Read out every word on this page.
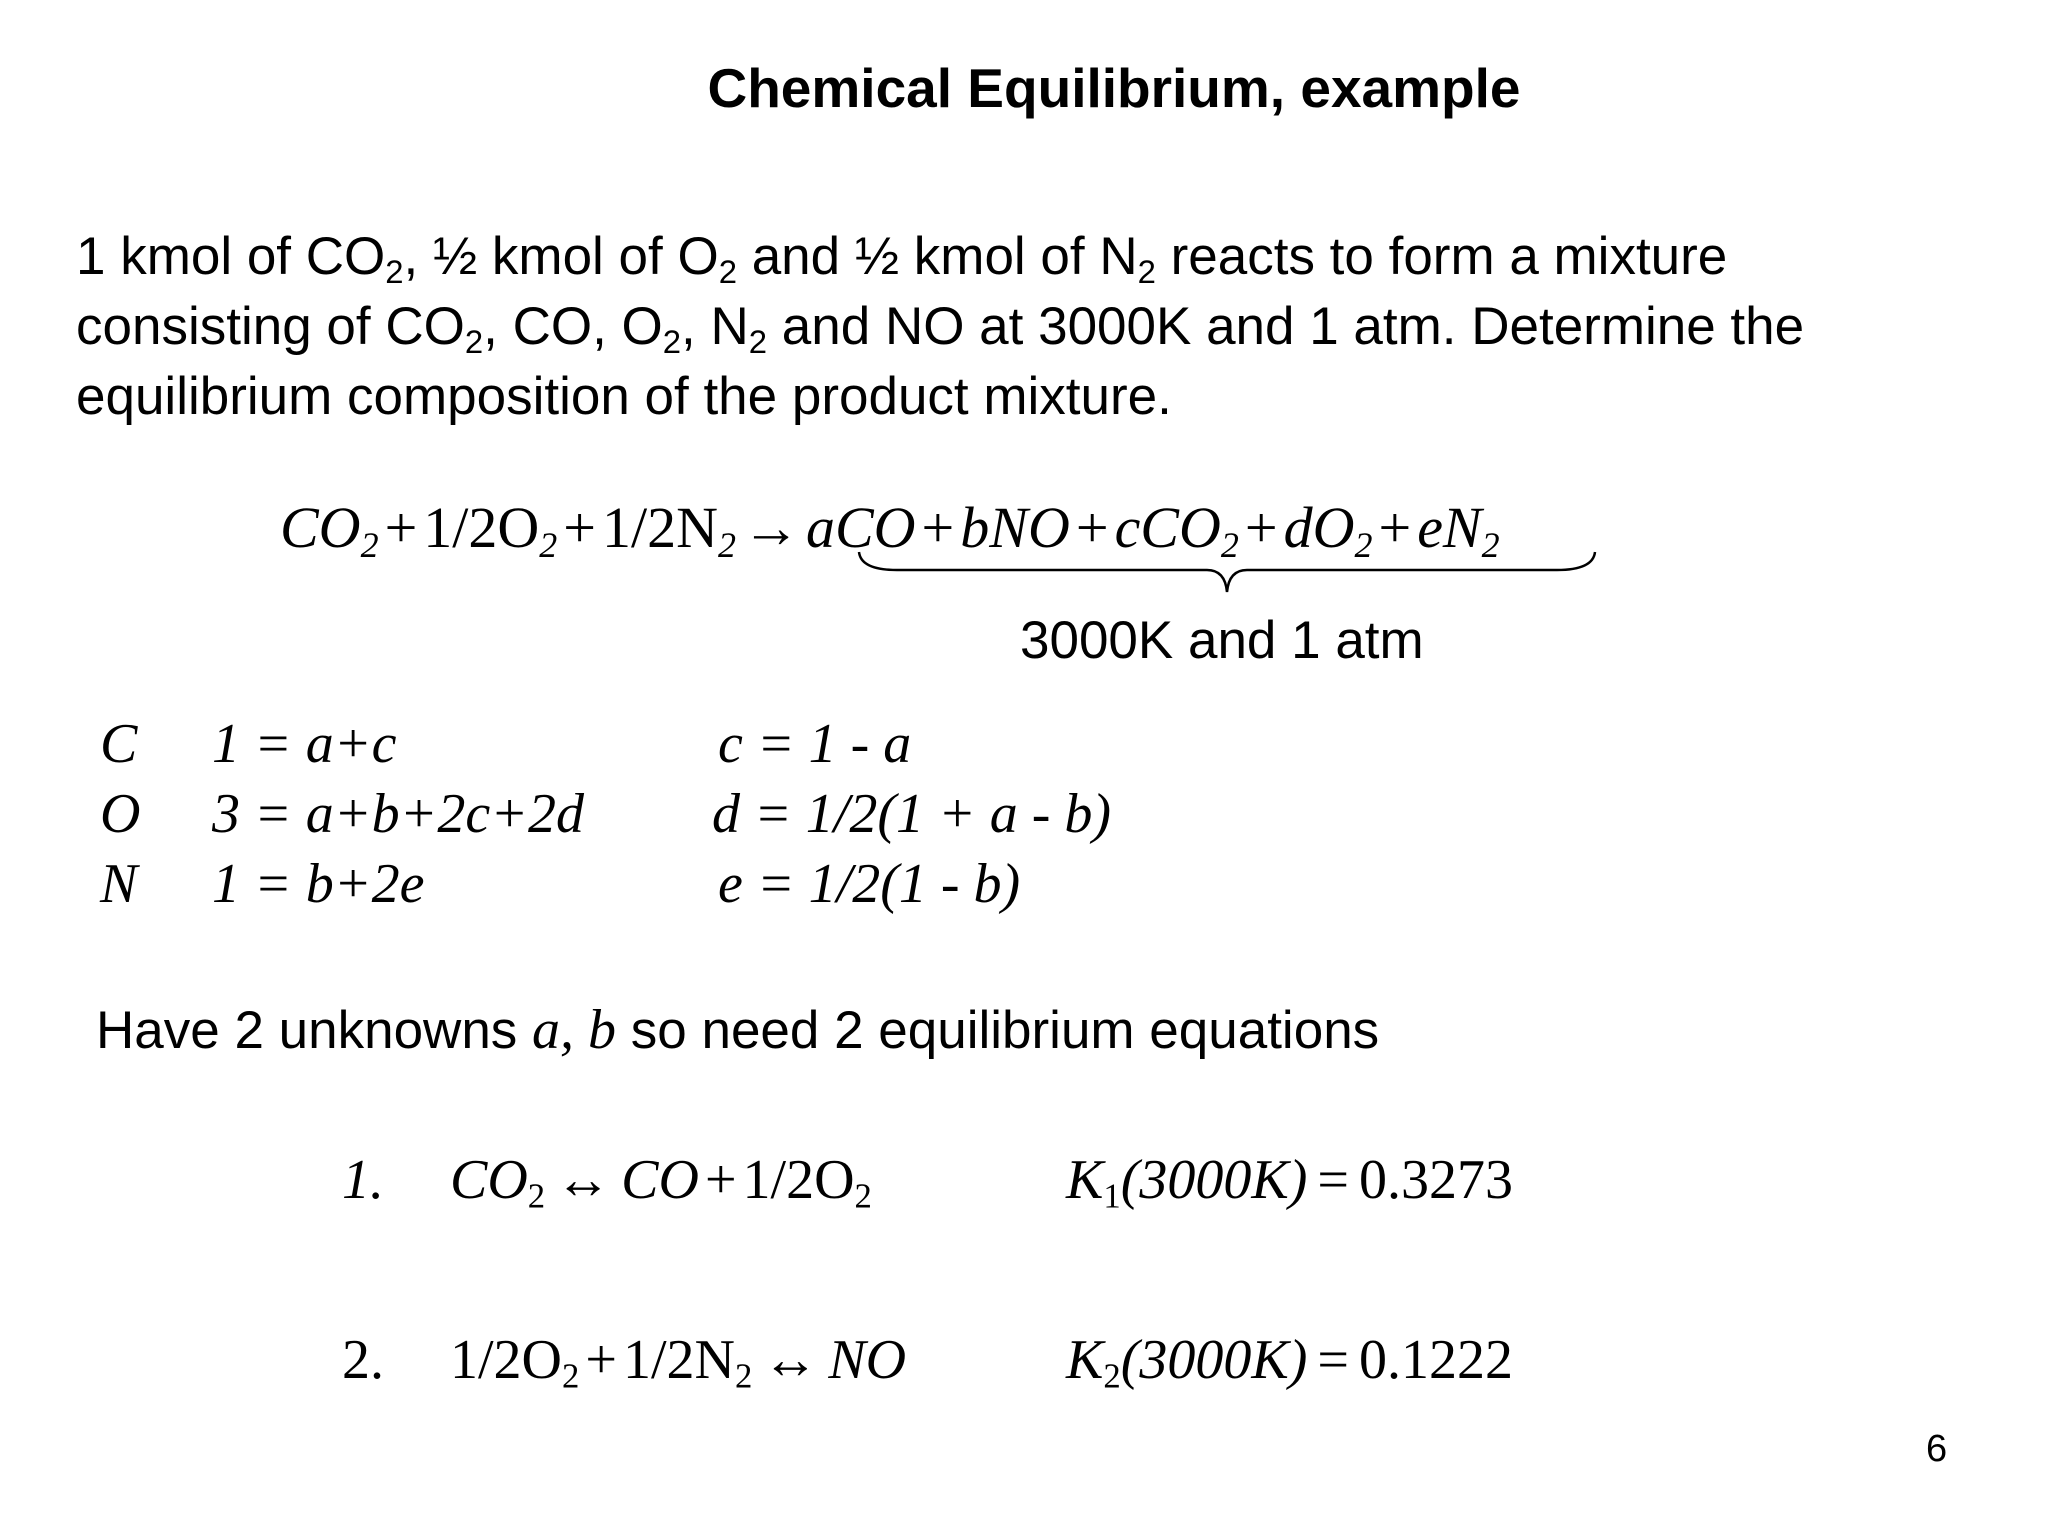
Chemical Equilibrium, example
1 kmol of $CO_2$, ½ kmol of $O_2$ and ½ kmol of $N_2$ reacts to form a mixture
consisting of $CO_2$, CO, $O_2$, $N_2$ and NO at 3000K and 1 atm. Determine the
equilibrium composition of the product mixture.
$CO_2 + 1/2O_2 + 1/2N_2$ → aCO + bNO + $cCO_2 + dO_2 + eN_2$
3000K and 1 atm
C 1 = a+c	c = 1 - a
O 3 = a+b+2c+2d d = 1/2(1 + a - b)
N 1 = b+2e	e = 1/2(1 - b)
Have 2 unknowns a, b so need 2 equilibrium equations
1. $CO_2$ ↔ CO + $1/2O_2$	$K_1(3000K) = 0.3273$
2. $1/2O_2 + 1/2N_2$ ↔ NO	$K_2(3000K) = 0.1222$
6
